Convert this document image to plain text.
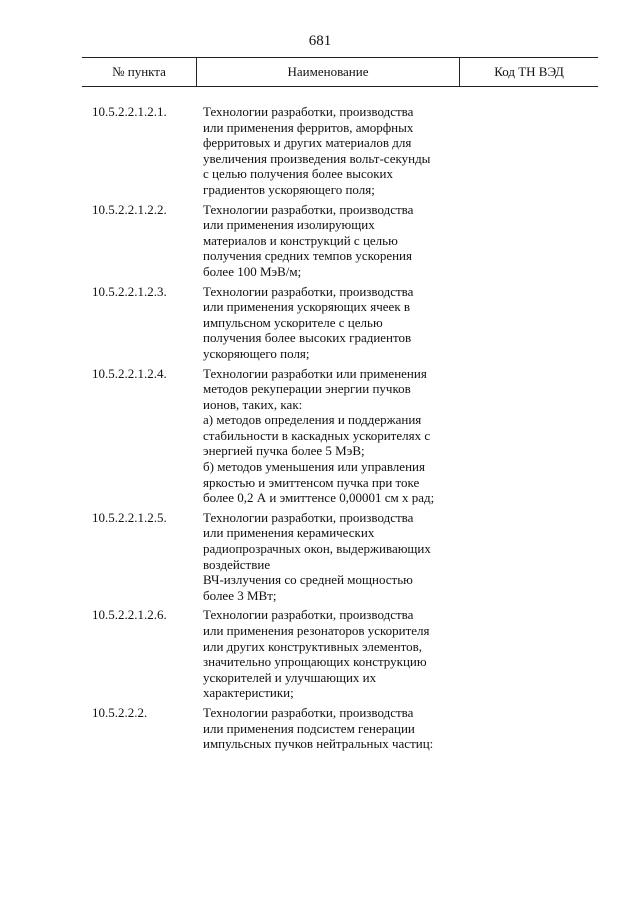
681
№ пункта	Наименование	Код ТН ВЭД
10.5.2.2.1.2.1.	Технологии разработки, производства
или применения ферритов, аморфных
ферритовых и других материалов для
увеличения произведения вольт-секунды
с целью получения более высоких
градиентов ускоряющего поля;
10.5.2.2.1.2.2.	Технологии разработки, производства
или применения изолирующих
материалов и конструкций с целью
получения средних темпов ускорения
более 100 МэВ/м;
10.5.2.2.1.2.3.	Технологии разработки, производства
или применения ускоряющих ячеек в
импульсном ускорителе с целью
получения более высоких градиентов
ускоряющего поля;
10.5.2.2.1.2.4.	Технологии разработки или применения
методов рекуперации энергии пучков
ионов, таких, как:
а) методов определения и поддержания
стабильности в каскадных ускорителях с
энергией пучка более 5 МэВ;
б) методов уменьшения или управления
яркостью и эмиттенсом пучка при токе
более 0,2 А и эмиттенсе 0,00001 см х рад;
10.5.2.2.1.2.5.	Технологии разработки, производства
или применения керамических
радиопрозрачных окон, выдерживающих
воздействие
ВЧ-излучения со средней мощностью
более 3 МВт;
10.5.2.2.1.2.6.	Технологии разработки, производства
или применения резонаторов ускорителя
или других конструктивных элементов,
значительно упрощающих конструкцию
ускорителей и улучшающих их
характеристики;
10.5.2.2.2.	Технологии разработки, производства
или применения подсистем генерации
импульсных пучков нейтральных частиц:
